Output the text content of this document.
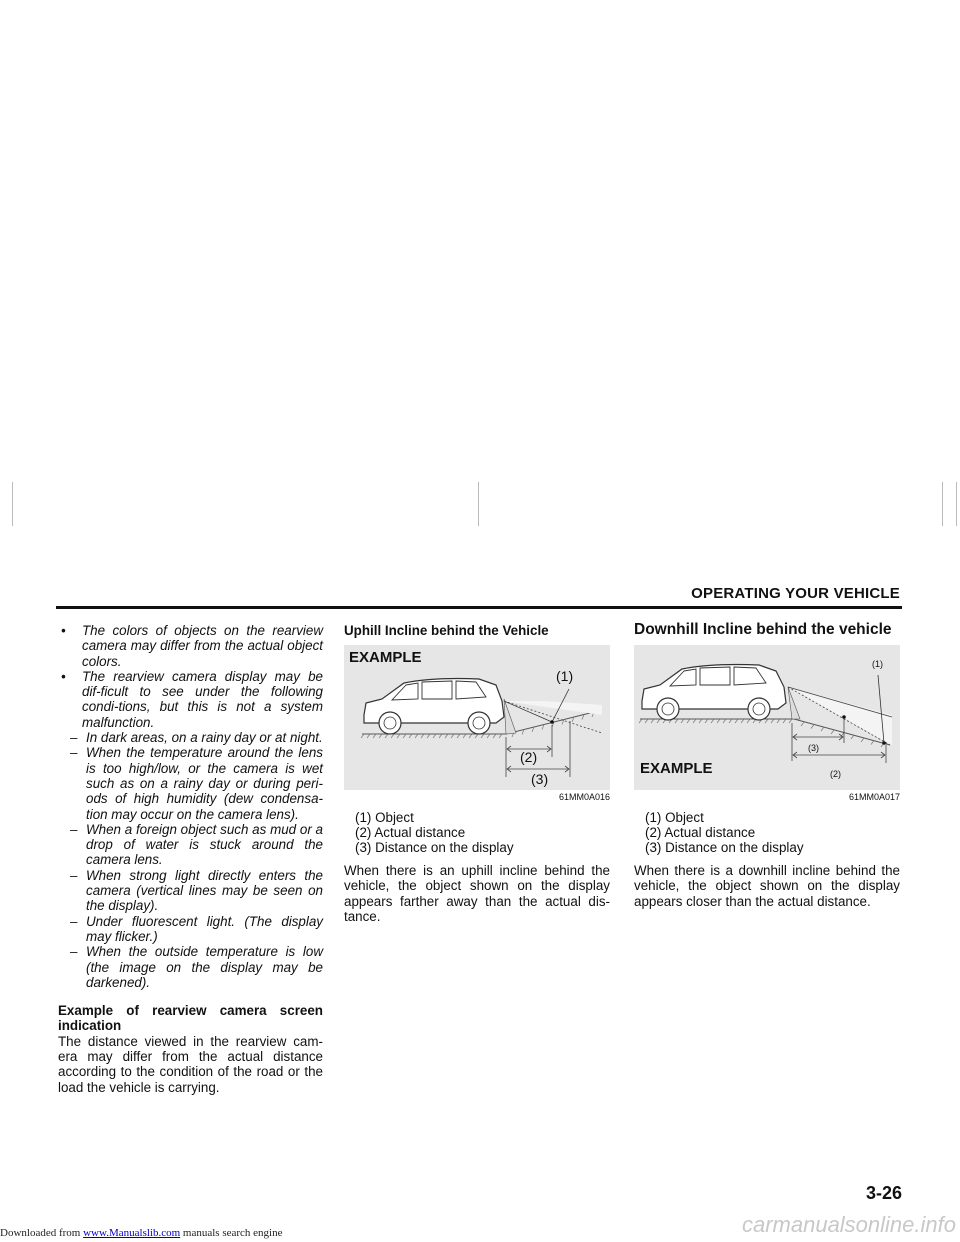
OPERATING YOUR VEHICLE
• The colors of objects on the rearview camera may differ from the actual object colors.
• The rearview camera display may be dif-ficult to see under the following condi-tions, but this is not a system malfunction.
– In dark areas, on a rainy day or at night.
– When the temperature around the lens is too high/low, or the camera is wet such as on a rainy day or during peri-ods of high humidity (dew condensa-tion may occur on the camera lens).
– When a foreign object such as mud or a drop of water is stuck around the camera lens.
– When strong light directly enters the camera (vertical lines may be seen on the display).
– Under fluorescent light. (The display may flicker.)
– When the outside temperature is low (the image on the display may be darkened).
Example of rearview camera screen indication
The distance viewed in the rearview cam-era may differ from the actual distance according to the condition of the road or the load the vehicle is carrying.
Uphill Incline behind the Vehicle
EXAMPLE
(1)
(2)
(3)
61MM0A016
(1) Object
(2) Actual distance
(3) Distance on the display
When there is an uphill incline behind the vehicle, the object shown on the display appears farther away than the actual dis-tance.
Downhill Incline behind the vehicle
(1)
(3)
(2)
EXAMPLE
61MM0A017
(1) Object
(2) Actual distance
(3) Distance on the display
When there is a downhill incline behind the vehicle, the object shown on the display appears closer than the actual distance.
3-26
Downloaded from www.Manualslib.com manuals search engine	carmanualsonline.info
